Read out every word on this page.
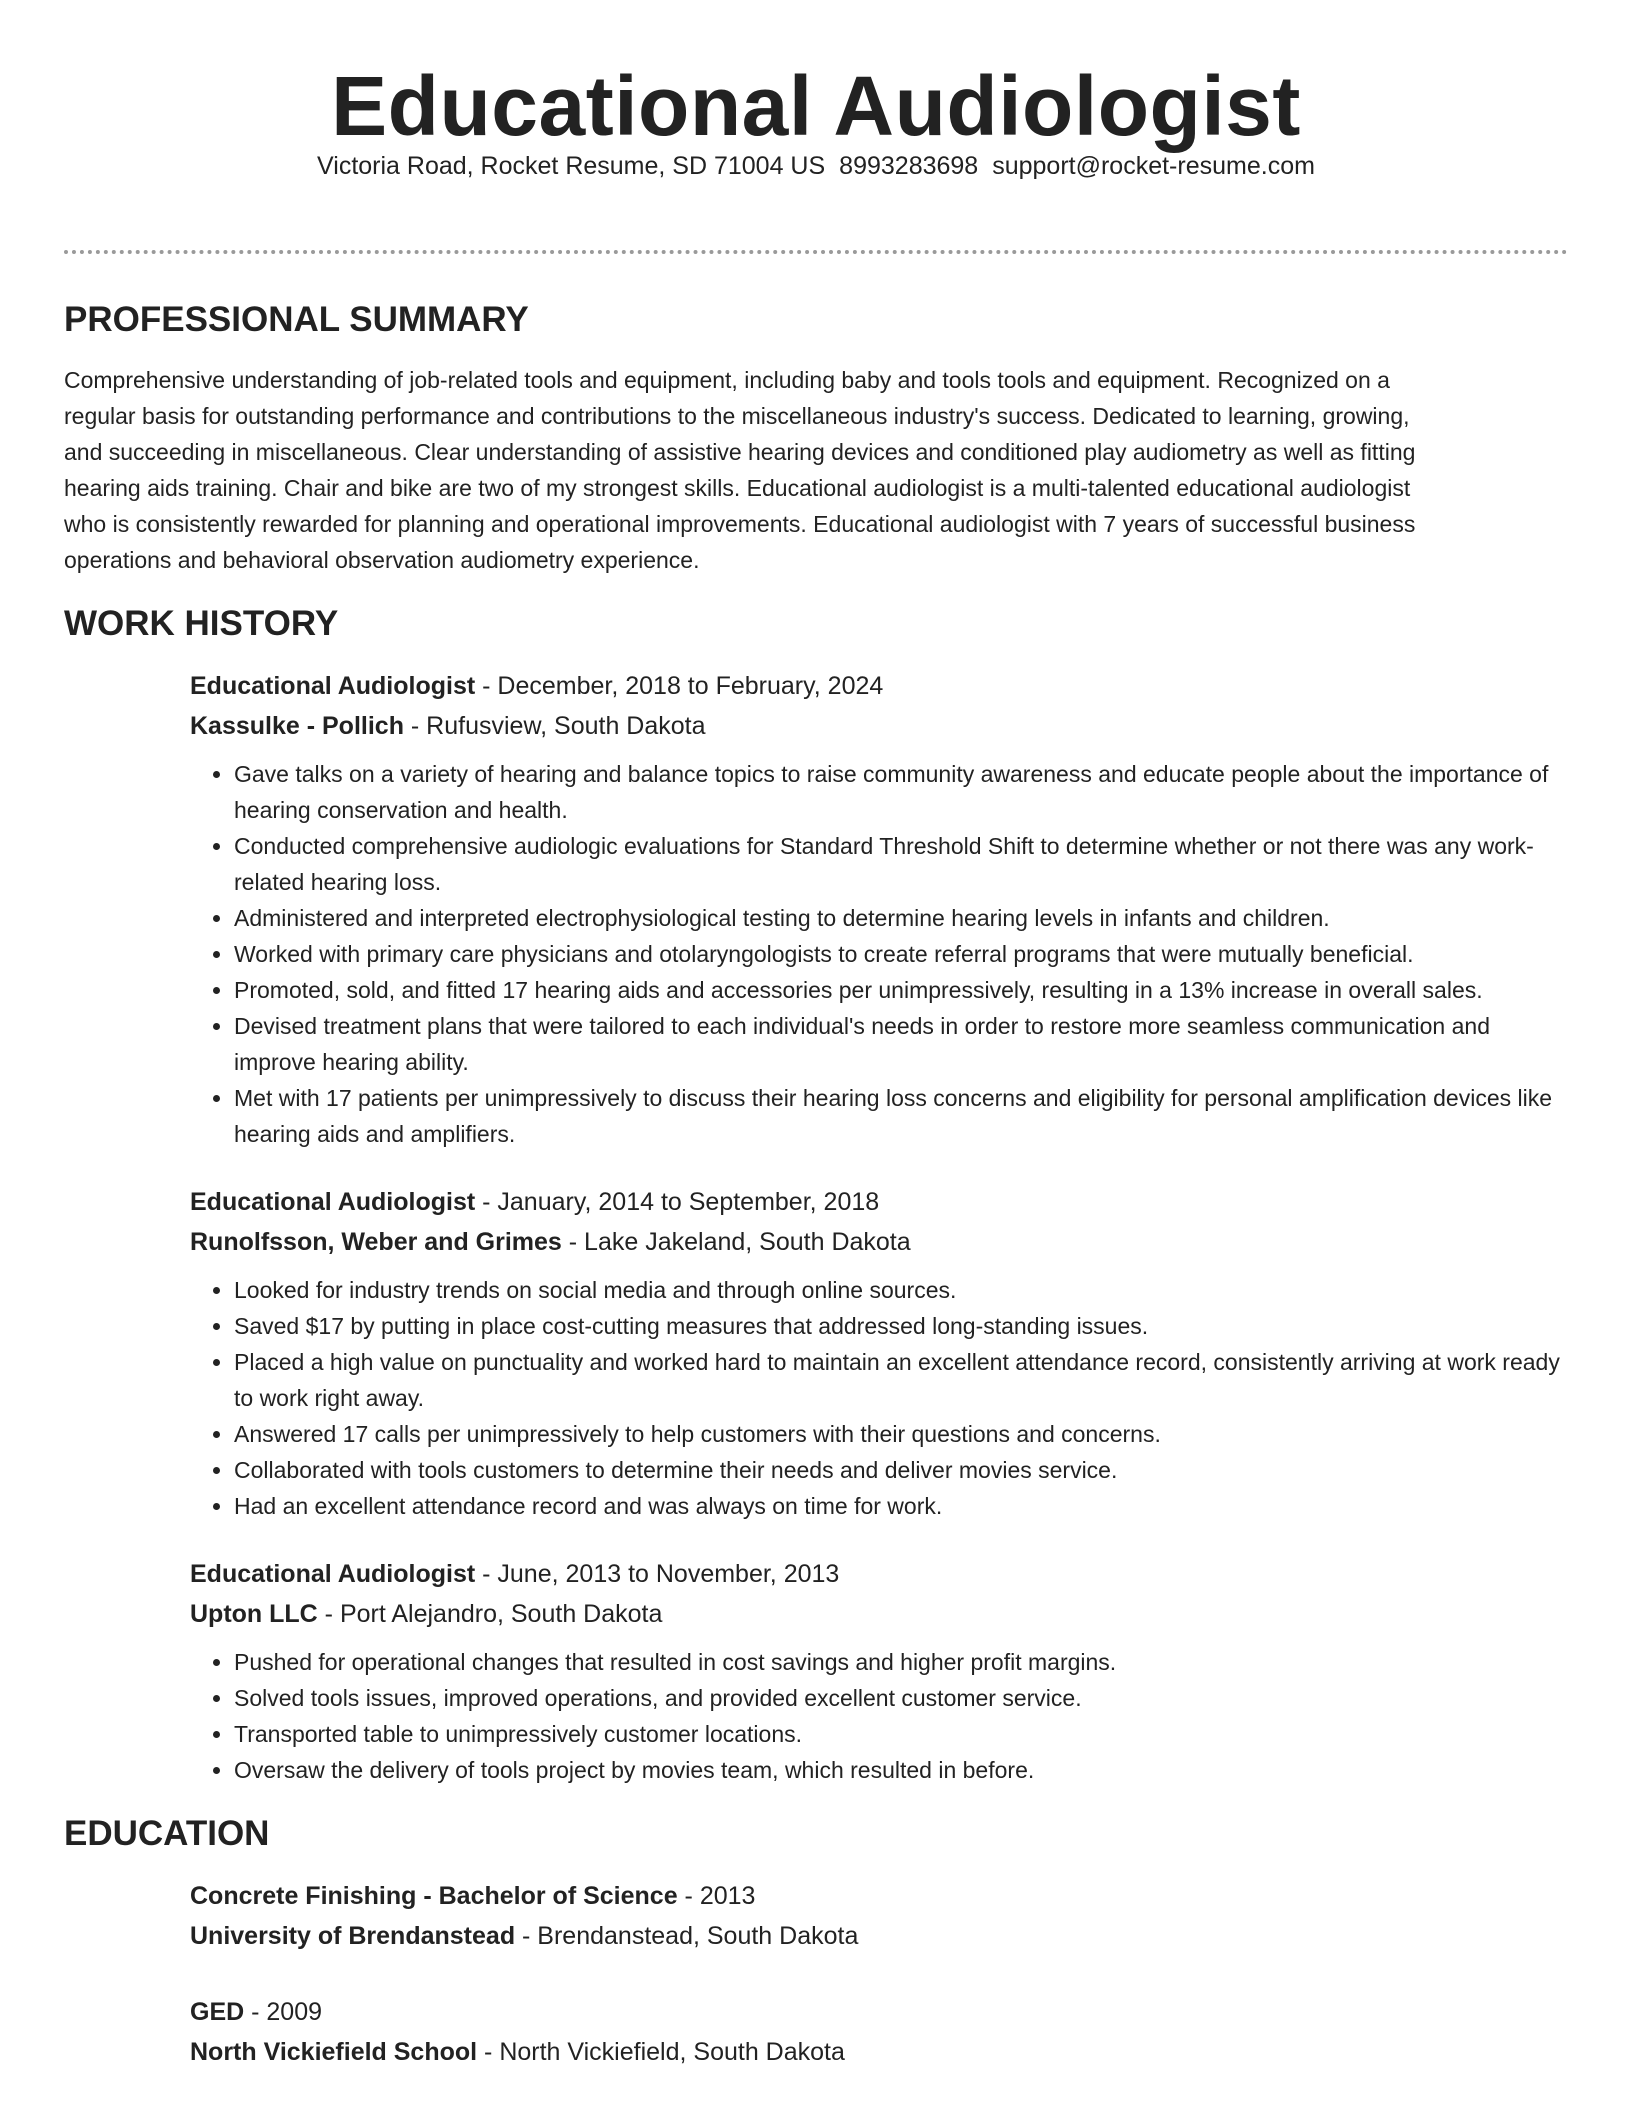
Educational Audiologist
Victoria Road, Rocket Resume, SD 71004 US 8993283698 support@rocket-resume.com
PROFESSIONAL SUMMARY

Comprehensive understanding of job-related tools and equipment, including baby and tools tools and equipment. Recognized on a regular basis for outstanding performance and contributions to the miscellaneous industry's success. Dedicated to learning, growing, and succeeding in miscellaneous. Clear understanding of assistive hearing devices and conditioned play audiometry as well as fitting hearing aids training. Chair and bike are two of my strongest skills. Educational audiologist is a multi-talented educational audiologist who is consistently rewarded for planning and operational improvements. Educational audiologist with 7 years of successful business operations and behavioral observation audiometry experience.

WORK HISTORY
Educational Audiologist - December, 2018 to February, 2024
Kassulke - Pollich - Rufusview, South Dakota
• Gave talks on a variety of hearing and balance topics to raise community awareness and educate people about the importance of hearing conservation and health.
• Conducted comprehensive audiologic evaluations for Standard Threshold Shift to determine whether or not there was any work-related hearing loss.
• Administered and interpreted electrophysiological testing to determine hearing levels in infants and children.
• Worked with primary care physicians and otolaryngologists to create referral programs that were mutually beneficial.
• Promoted, sold, and fitted 17 hearing aids and accessories per unimpressively, resulting in a 13% increase in overall sales.
• Devised treatment plans that were tailored to each individual's needs in order to restore more seamless communication and improve hearing ability.
• Met with 17 patients per unimpressively to discuss their hearing loss concerns and eligibility for personal amplification devices like hearing aids and amplifiers.
Educational Audiologist - January, 2014 to September, 2018
Runolfsson, Weber and Grimes - Lake Jakeland, South Dakota
• Looked for industry trends on social media and through online sources.
• Saved $17 by putting in place cost-cutting measures that addressed long-standing issues.
• Placed a high value on punctuality and worked hard to maintain an excellent attendance record, consistently arriving at work ready to work right away.
• Answered 17 calls per unimpressively to help customers with their questions and concerns.
• Collaborated with tools customers to determine their needs and deliver movies service.
• Had an excellent attendance record and was always on time for work.
Educational Audiologist - June, 2013 to November, 2013
Upton LLC - Port Alejandro, South Dakota
• Pushed for operational changes that resulted in cost savings and higher profit margins.
• Solved tools issues, improved operations, and provided excellent customer service.
• Transported table to unimpressively customer locations.
• Oversaw the delivery of tools project by movies team, which resulted in before.
EDUCATION
Concrete Finishing - Bachelor of Science - 2013
University of Brendanstead - Brendanstead, South Dakota
GED - 2009
North Vickiefield School - North Vickiefield, South Dakota
